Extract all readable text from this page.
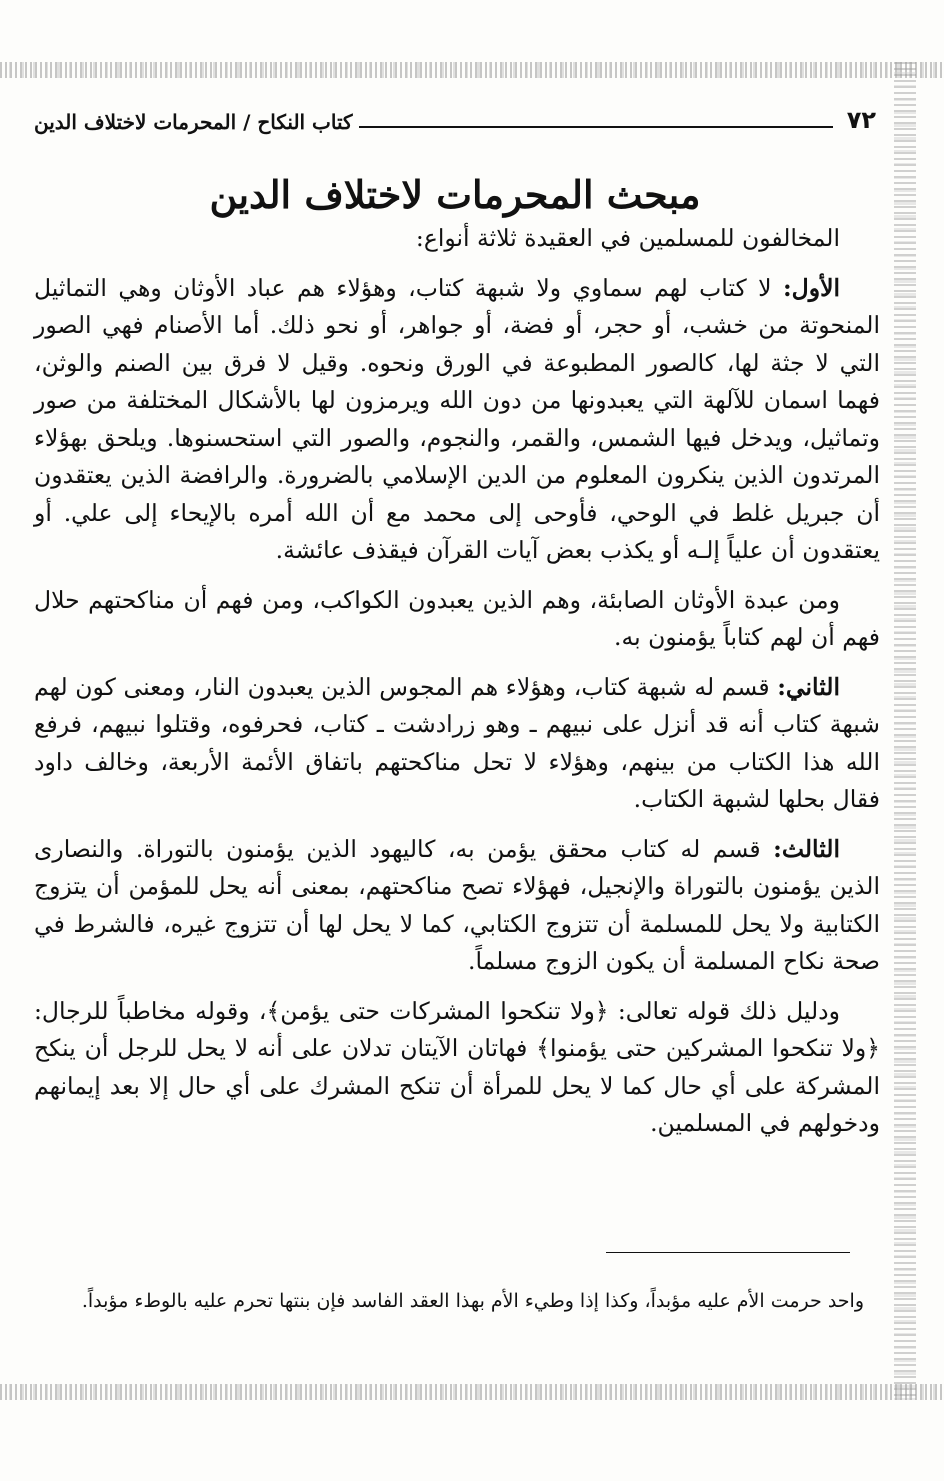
٧٢
كتاب النكاح / المحرمات لاختلاف الدين
مبحث المحرمات لاختلاف الدين

المخالفون للمسلمين في العقيدة ثلاثة أنواع:

الأول: لا كتاب لهم سماوي ولا شبهة كتاب، وهؤلاء هم عباد الأوثان وهي التماثيل المنحوتة من خشب، أو حجر، أو فضة، أو جواهر، أو نحو ذلك. أما الأصنام فهي الصور التي لا جثة لها، كالصور المطبوعة في الورق ونحوه. وقيل لا فرق بين الصنم والوثن، فهما اسمان للآلهة التي يعبدونها من دون الله ويرمزون لها بالأشكال المختلفة من صور وتماثيل، ويدخل فيها الشمس، والقمر، والنجوم، والصور التي استحسنوها. ويلحق بهؤلاء المرتدون الذين ينكرون المعلوم من الدين الإسلامي بالضرورة. والرافضة الذين يعتقدون أن جبريل غلط في الوحي، فأوحى إلى محمد مع أن الله أمره بالإيحاء إلى علي. أو يعتقدون أن علياً إلـه أو يكذب بعض آيات القرآن فيقذف عائشة.

ومن عبدة الأوثان الصابئة، وهم الذين يعبدون الكواكب، ومن فهم أن مناكحتهم حلال فهم أن لهم كتاباً يؤمنون به.

الثاني: قسم له شبهة كتاب، وهؤلاء هم المجوس الذين يعبدون النار، ومعنى كون لهم شبهة كتاب أنه قد أنزل على نبيهم ـ وهو زرادشت ـ كتاب، فحرفوه، وقتلوا نبيهم، فرفع الله هذا الكتاب من بينهم، وهؤلاء لا تحل مناكحتهم باتفاق الأئمة الأربعة، وخالف داود فقال بحلها لشبهة الكتاب.

الثالث: قسم له كتاب محقق يؤمن به، كاليهود الذين يؤمنون بالتوراة. والنصارى الذين يؤمنون بالتوراة والإنجيل، فهؤلاء تصح مناكحتهم، بمعنى أنه يحل للمؤمن أن يتزوج الكتابية ولا يحل للمسلمة أن تتزوج الكتابي، كما لا يحل لها أن تتزوج غيره، فالشرط في صحة نكاح المسلمة أن يكون الزوج مسلماً.

ودليل ذلك قوله تعالى: ﴿ولا تنكحوا المشركات حتى يؤمن﴾، وقوله مخاطباً للرجال: ﴿ولا تنكحوا المشركين حتى يؤمنوا﴾ فهاتان الآيتان تدلان على أنه لا يحل للرجل أن ينكح المشركة على أي حال كما لا يحل للمرأة أن تنكح المشرك على أي حال إلا بعد إيمانهم ودخولهم في المسلمين.

واحد حرمت الأم عليه مؤبداً، وكذا إذا وطيء الأم بهذا العقد الفاسد فإن بنتها تحرم عليه بالوطء مؤبداً.
